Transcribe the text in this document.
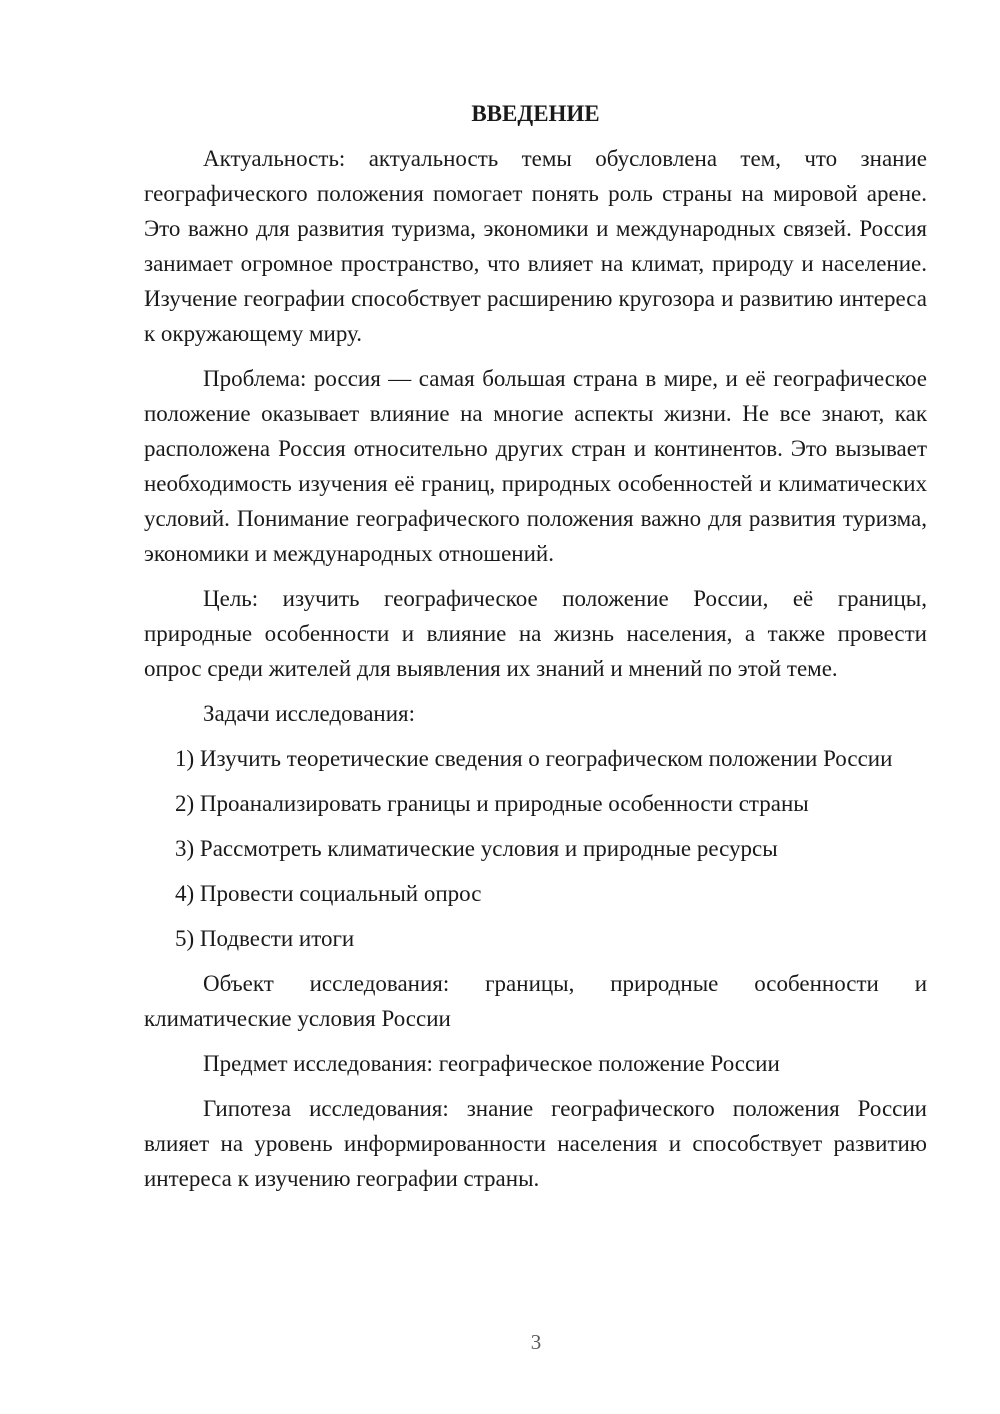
ВВЕДЕНИЕ

Актуальность: актуальность темы обусловлена тем, что знание географического положения помогает понять роль страны на мировой арене. Это важно для развития туризма, экономики и международных связей. Россия занимает огромное пространство, что влияет на климат, природу и население. Изучение географии способствует расширению кругозора и развитию интереса к окружающему миру.

Проблема: россия — самая большая страна в мире, и её географическое положение оказывает влияние на многие аспекты жизни. Не все знают, как расположена Россия относительно других стран и континентов. Это вызывает необходимость изучения её границ, природных особенностей и климатических условий. Понимание географического положения важно для развития туризма, экономики и международных отношений.

Цель: изучить географическое положение России, её границы, природные особенности и влияние на жизнь населения, а также провести опрос среди жителей для выявления их знаний и мнений по этой теме.

Задачи исследования:

1) Изучить теоретические сведения о географическом положении России

2) Проанализировать границы и природные особенности страны

3) Рассмотреть климатические условия и природные ресурсы

4) Провести социальный опрос

5) Подвести итоги

Объект исследования: границы, природные особенности и климатические условия России

Предмет исследования: географическое положение России

Гипотеза исследования: знание географического положения России влияет на уровень информированности населения и способствует развитию интереса к изучению географии страны.

3
